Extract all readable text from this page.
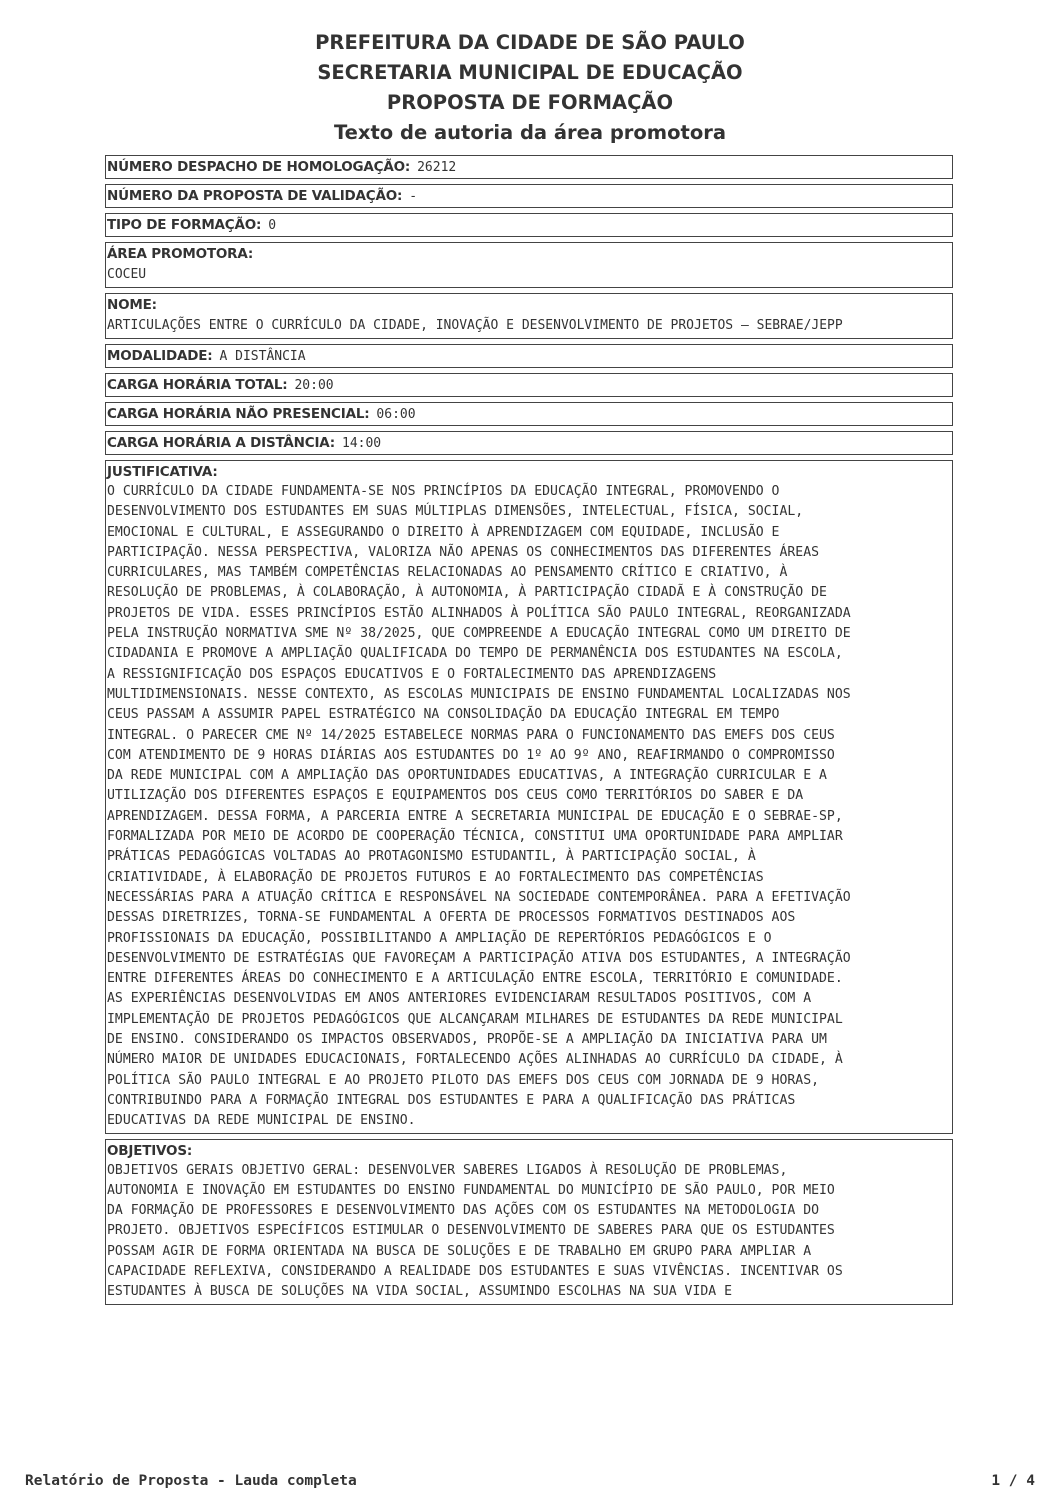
PREFEITURA DA CIDADE DE SÃO PAULO
SECRETARIA MUNICIPAL DE EDUCAÇÃO
PROPOSTA DE FORMAÇÃO
Texto de autoria da área promotora
NÚMERO DESPACHO DE HOMOLOGAÇÃO: 26212
NÚMERO DA PROPOSTA DE VALIDAÇÃO: -
TIPO DE FORMAÇÃO: 0
ÁREA PROMOTORA:
COCEU
NOME:
ARTICULAÇÕES ENTRE O CURRÍCULO DA CIDADE, INOVAÇÃO E DESENVOLVIMENTO DE PROJETOS – SEBRAE/JEPP
MODALIDADE: A DISTÂNCIA
CARGA HORÁRIA TOTAL: 20:00
CARGA HORÁRIA NÃO PRESENCIAL: 06:00
CARGA HORÁRIA A DISTÂNCIA: 14:00
JUSTIFICATIVA:

O CURRÍCULO DA CIDADE FUNDAMENTA-SE NOS PRINCÍPIOS DA EDUCAÇÃO INTEGRAL, PROMOVENDO O
DESENVOLVIMENTO DOS ESTUDANTES EM SUAS MÚLTIPLAS DIMENSÕES, INTELECTUAL, FÍSICA, SOCIAL,
EMOCIONAL E CULTURAL, E ASSEGURANDO O DIREITO À APRENDIZAGEM COM EQUIDADE, INCLUSÃO E
PARTICIPAÇÃO. NESSA PERSPECTIVA, VALORIZA NÃO APENAS OS CONHECIMENTOS DAS DIFERENTES ÁREAS
CURRICULARES, MAS TAMBÉM COMPETÊNCIAS RELACIONADAS AO PENSAMENTO CRÍTICO E CRIATIVO, À
RESOLUÇÃO DE PROBLEMAS, À COLABORAÇÃO, À AUTONOMIA, À PARTICIPAÇÃO CIDADÃ E À CONSTRUÇÃO DE
PROJETOS DE VIDA. ESSES PRINCÍPIOS ESTÃO ALINHADOS À POLÍTICA SÃO PAULO INTEGRAL, REORGANIZADA
PELA INSTRUÇÃO NORMATIVA SME Nº 38/2025, QUE COMPREENDE A EDUCAÇÃO INTEGRAL COMO UM DIREITO DE
CIDADANIA E PROMOVE A AMPLIAÇÃO QUALIFICADA DO TEMPO DE PERMANÊNCIA DOS ESTUDANTES NA ESCOLA,
A RESSIGNIFICAÇÃO DOS ESPAÇOS EDUCATIVOS E O FORTALECIMENTO DAS APRENDIZAGENS
MULTIDIMENSIONAIS. NESSE CONTEXTO, AS ESCOLAS MUNICIPAIS DE ENSINO FUNDAMENTAL LOCALIZADAS NOS
CEUS PASSAM A ASSUMIR PAPEL ESTRATÉGICO NA CONSOLIDAÇÃO DA EDUCAÇÃO INTEGRAL EM TEMPO
INTEGRAL. O PARECER CME Nº 14/2025 ESTABELECE NORMAS PARA O FUNCIONAMENTO DAS EMEFS DOS CEUS
COM ATENDIMENTO DE 9 HORAS DIÁRIAS AOS ESTUDANTES DO 1º AO 9º ANO, REAFIRMANDO O COMPROMISSO
DA REDE MUNICIPAL COM A AMPLIAÇÃO DAS OPORTUNIDADES EDUCATIVAS, A INTEGRAÇÃO CURRICULAR E A
UTILIZAÇÃO DOS DIFERENTES ESPAÇOS E EQUIPAMENTOS DOS CEUS COMO TERRITÓRIOS DO SABER E DA
APRENDIZAGEM. DESSA FORMA, A PARCERIA ENTRE A SECRETARIA MUNICIPAL DE EDUCAÇÃO E O SEBRAE-SP,
FORMALIZADA POR MEIO DE ACORDO DE COOPERAÇÃO TÉCNICA, CONSTITUI UMA OPORTUNIDADE PARA AMPLIAR
PRÁTICAS PEDAGÓGICAS VOLTADAS AO PROTAGONISMO ESTUDANTIL, À PARTICIPAÇÃO SOCIAL, À
CRIATIVIDADE, À ELABORAÇÃO DE PROJETOS FUTUROS E AO FORTALECIMENTO DAS COMPETÊNCIAS
NECESSÁRIAS PARA A ATUAÇÃO CRÍTICA E RESPONSÁVEL NA SOCIEDADE CONTEMPORÂNEA. PARA A EFETIVAÇÃO
DESSAS DIRETRIZES, TORNA-SE FUNDAMENTAL A OFERTA DE PROCESSOS FORMATIVOS DESTINADOS AOS
PROFISSIONAIS DA EDUCAÇÃO, POSSIBILITANDO A AMPLIAÇÃO DE REPERTÓRIOS PEDAGÓGICOS E O
DESENVOLVIMENTO DE ESTRATÉGIAS QUE FAVOREÇAM A PARTICIPAÇÃO ATIVA DOS ESTUDANTES, A INTEGRAÇÃO
ENTRE DIFERENTES ÁREAS DO CONHECIMENTO E A ARTICULAÇÃO ENTRE ESCOLA, TERRITÓRIO E COMUNIDADE.
AS EXPERIÊNCIAS DESENVOLVIDAS EM ANOS ANTERIORES EVIDENCIARAM RESULTADOS POSITIVOS, COM A
IMPLEMENTAÇÃO DE PROJETOS PEDAGÓGICOS QUE ALCANÇARAM MILHARES DE ESTUDANTES DA REDE MUNICIPAL
DE ENSINO. CONSIDERANDO OS IMPACTOS OBSERVADOS, PROPÕE-SE A AMPLIAÇÃO DA INICIATIVA PARA UM
NÚMERO MAIOR DE UNIDADES EDUCACIONAIS, FORTALECENDO AÇÕES ALINHADAS AO CURRÍCULO DA CIDADE, À
POLÍTICA SÃO PAULO INTEGRAL E AO PROJETO PILOTO DAS EMEFS DOS CEUS COM JORNADA DE 9 HORAS,
CONTRIBUINDO PARA A FORMAÇÃO INTEGRAL DOS ESTUDANTES E PARA A QUALIFICAÇÃO DAS PRÁTICAS
EDUCATIVAS DA REDE MUNICIPAL DE ENSINO.

OBJETIVOS:

OBJETIVOS GERAIS OBJETIVO GERAL: DESENVOLVER SABERES LIGADOS À RESOLUÇÃO DE PROBLEMAS,
AUTONOMIA E INOVAÇÃO EM ESTUDANTES DO ENSINO FUNDAMENTAL DO MUNICÍPIO DE SÃO PAULO, POR MEIO
DA FORMAÇÃO DE PROFESSORES E DESENVOLVIMENTO DAS AÇÕES COM OS ESTUDANTES NA METODOLOGIA DO
PROJETO. OBJETIVOS ESPECÍFICOS ESTIMULAR O DESENVOLVIMENTO DE SABERES PARA QUE OS ESTUDANTES
POSSAM AGIR DE FORMA ORIENTADA NA BUSCA DE SOLUÇÕES E DE TRABALHO EM GRUPO PARA AMPLIAR A
CAPACIDADE REFLEXIVA, CONSIDERANDO A REALIDADE DOS ESTUDANTES E SUAS VIVÊNCIAS. INCENTIVAR OS
ESTUDANTES À BUSCA DE SOLUÇÕES NA VIDA SOCIAL, ASSUMINDO ESCOLHAS NA SUA VIDA E

Relatório de Proposta - Lauda completa	1 / 4
